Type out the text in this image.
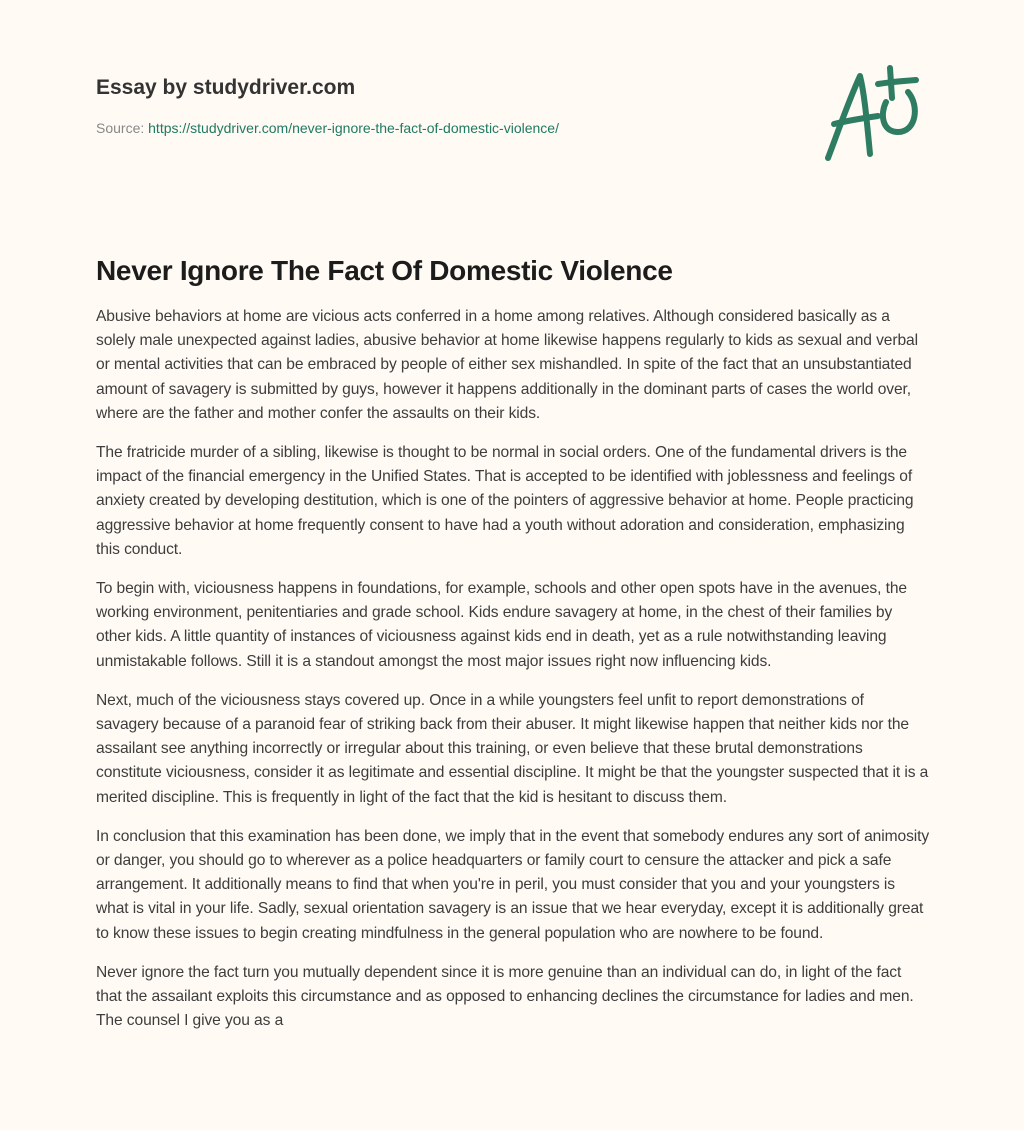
Essay by studydriver.com
Source: https://studydriver.com/never-ignore-the-fact-of-domestic-violence/
Never Ignore The Fact Of Domestic Violence

Abusive behaviors at home are vicious acts conferred in a home among relatives. Although considered basically as a solely male unexpected against ladies, abusive behavior at home likewise happens regularly to kids as sexual and verbal or mental activities that can be embraced by people of either sex mishandled. In spite of the fact that an unsubstantiated amount of savagery is submitted by guys, however it happens additionally in the dominant parts of cases the world over, where are the father and mother confer the assaults on their kids.

The fratricide murder of a sibling, likewise is thought to be normal in social orders. One of the fundamental drivers is the impact of the financial emergency in the Unified States. That is accepted to be identified with joblessness and feelings of anxiety created by developing destitution, which is one of the pointers of aggressive behavior at home. People practicing aggressive behavior at home frequently consent to have had a youth without adoration and consideration, emphasizing this conduct.

To begin with, viciousness happens in foundations, for example, schools and other open spots have in the avenues, the working environment, penitentiaries and grade school. Kids endure savagery at home, in the chest of their families by other kids. A little quantity of instances of viciousness against kids end in death, yet as a rule notwithstanding leaving unmistakable follows. Still it is a standout amongst the most major issues right now influencing kids.

Next, much of the viciousness stays covered up. Once in a while youngsters feel unfit to report demonstrations of savagery because of a paranoid fear of striking back from their abuser. It might likewise happen that neither kids nor the assailant see anything incorrectly or irregular about this training, or even believe that these brutal demonstrations constitute viciousness, consider it as legitimate and essential discipline. It might be that the youngster suspected that it is a merited discipline. This is frequently in light of the fact that the kid is hesitant to discuss them.

In conclusion that this examination has been done, we imply that in the event that somebody endures any sort of animosity or danger, you should go to wherever as a police headquarters or family court to censure the attacker and pick a safe arrangement. It additionally means to find that when you're in peril, you must consider that you and your youngsters is what is vital in your life. Sadly, sexual orientation savagery is an issue that we hear everyday, except it is additionally great to know these issues to begin creating mindfulness in the general population who are nowhere to be found.

Never ignore the fact turn you mutually dependent since it is more genuine than an individual can do, in light of the fact that the assailant exploits this circumstance and as opposed to enhancing declines the circumstance for ladies and men. The counsel I give you as a
